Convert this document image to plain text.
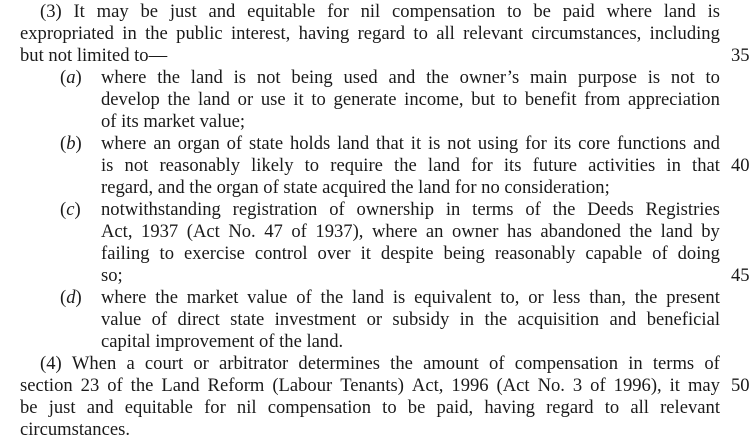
(3) It may be just and equitable for nil compensation to be paid where land is
expropriated in the public interest, having regard to all relevant circumstances, including
but not limited to—
(a) where the land is not being used and the owner’s main purpose is not to
develop the land or use it to generate income, but to benefit from appreciation
of its market value;
(b) where an organ of state holds land that it is not using for its core functions and
is not reasonably likely to require the land for its future activities in that
regard, and the organ of state acquired the land for no consideration;
(c) notwithstanding registration of ownership in terms of the Deeds Registries
Act, 1937 (Act No. 47 of 1937), where an owner has abandoned the land by
failing to exercise control over it despite being reasonably capable of doing
so;
(d) where the market value of the land is equivalent to, or less than, the present
value of direct state investment or subsidy in the acquisition and beneficial
capital improvement of the land.
(4) When a court or arbitrator determines the amount of compensation in terms of
section 23 of the Land Reform (Labour Tenants) Act, 1996 (Act No. 3 of 1996), it may
be just and equitable for nil compensation to be paid, having regard to all relevant
circumstances.
35
40
45
50
